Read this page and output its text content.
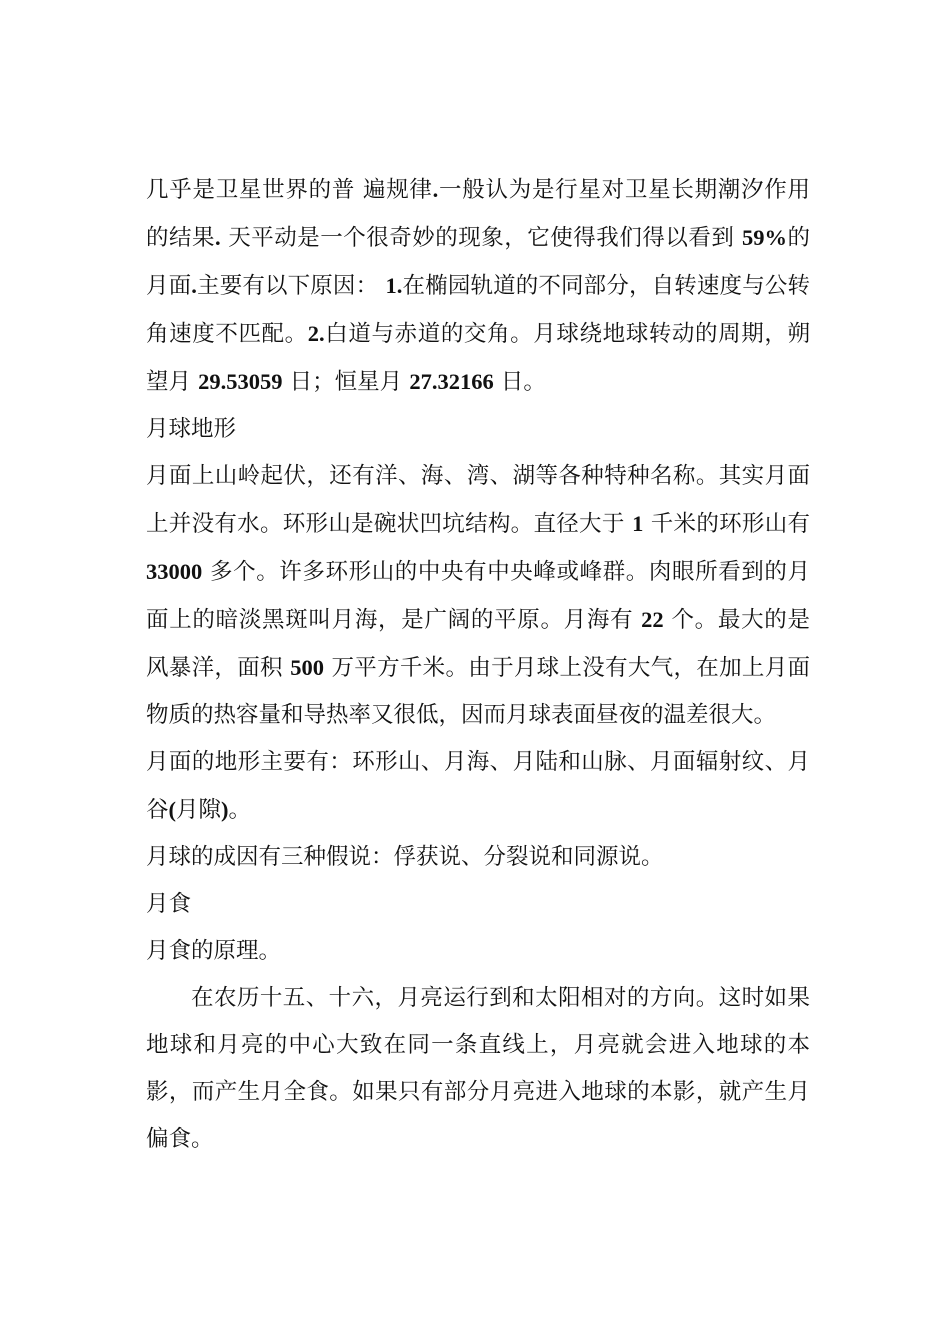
几乎是卫星世界的普 遍规律.一般认为是行星对卫星长期潮汐作用的结果. 天平动是一个很奇妙的现象，它使得我们得以看到 59%的月面.主要有以下原因： 1.在椭园轨道的不同部分，自转速度与公转角速度不匹配。2.白道与赤道的交角。月球绕地球转动的周期，朔望月 29.53059 日；恒星月 27.32166 日。

月球地形

月面上山岭起伏，还有洋、海、湾、湖等各种特种名称。其实月面上并没有水。环形山是碗状凹坑结构。直径大于 1 千米的环形山有 33000 多个。许多环形山的中央有中央峰或峰群。肉眼所看到的月面上的暗淡黑斑叫月海，是广阔的平原。月海有 22 个。最大的是风暴洋，面积 500 万平方千米。由于月球上没有大气，在加上月面物质的热容量和导热率又很低，因而月球表面昼夜的温差很大。

月面的地形主要有：环形山、月海、月陆和山脉、月面辐射纹、月谷(月隙)。

月球的成因有三种假说：俘获说、分裂说和同源说。

月食

月食的原理。

在农历十五、十六，月亮运行到和太阳相对的方向。这时如果地球和月亮的中心大致在同一条直线上，月亮就会进入地球的本影，而产生月全食。如果只有部分月亮进入地球的本影，就产生月偏食。
